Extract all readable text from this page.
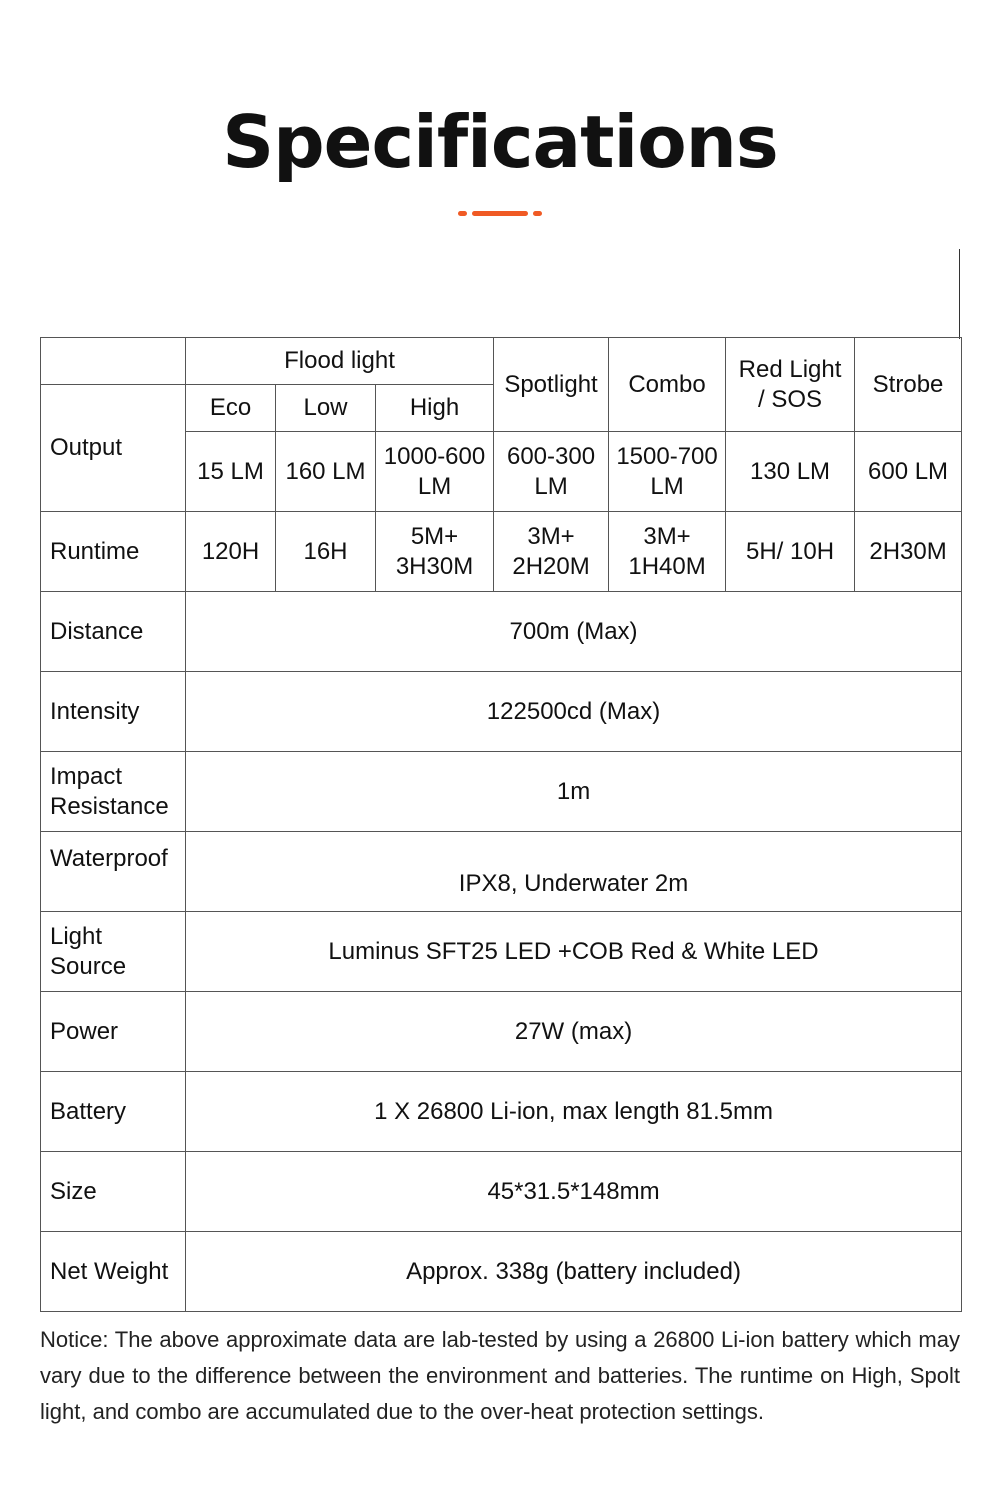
Specifications
	Flood light			Spotlight	Combo	Red Light / SOS	Strobe
Output	Eco	Low	High				
	15 LM	160 LM	1000-600 LM	600-300 LM	1500-700 LM	130 LM	600 LM
Runtime	120H	16H	5M+ 3H30M	3M+ 2H20M	3M+ 1H40M	5H/ 10H	2H30M
Distance	700m (Max)						
Intensity	122500cd (Max)						
Impact Resistance	1m						
Waterproof	IPX8, Underwater 2m						
Light Source	Luminus SFT25 LED +COB Red & White LED						
Power	27W (max)						
Battery	1 X 26800 Li-ion, max length 81.5mm						
Size	45*31.5*148mm						
Net Weight	Approx. 338g (battery included)						
Notice: The above approximate data are lab-tested by using a 26800 Li-ion battery which may vary due to the difference between the environment and batteries. The runtime on High, Spolt light, and combo are accumulated due to the over-heat protection settings.
